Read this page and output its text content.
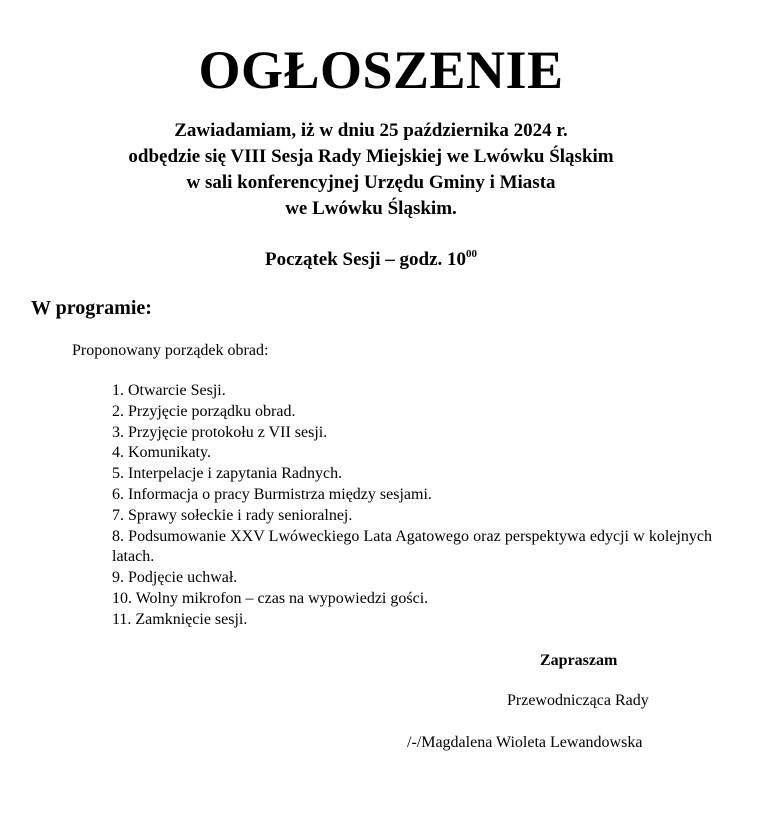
OGŁOSZENIE
Zawiadamiam, iż w dniu 25 października 2024 r.
odbędzie się VIII Sesja Rady Miejskiej we Lwówku Śląskim
w sali konferencyjnej Urzędu Gminy i Miasta
we Lwówku Śląskim.
Początek Sesji – godz. $10^{00}$
W programie:
Proponowany porządek obrad:
1. Otwarcie Sesji.
2. Przyjęcie porządku obrad.
3. Przyjęcie protokołu z VII sesji.
4. Komunikaty.
5. Interpelacje i zapytania Radnych.
6. Informacja o pracy Burmistrza między sesjami.
7. Sprawy sołeckie i rady senioralnej.
8. Podsumowanie XXV Lwóweckiego Lata Agatowego oraz perspektywa edycji w kolejnych latach.
9. Podjęcie uchwał.
10. Wolny mikrofon – czas na wypowiedzi gości.
11. Zamknięcie sesji.
Zapraszam
Przewodnicząca Rady
/-/Magdalena Wioleta Lewandowska
